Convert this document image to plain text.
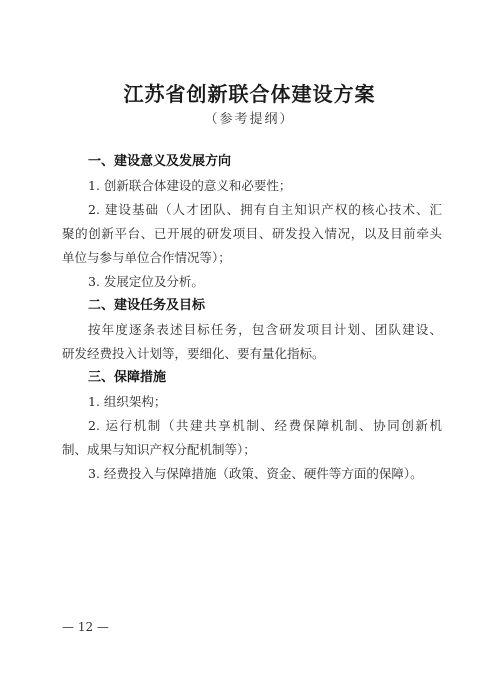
江苏省创新联合体建设方案
（参考提纲）
一、建设意义及发展方向
1. 创新联合体建设的意义和必要性；
2. 建设基础（人才团队、拥有自主知识产权的核心技术、汇
聚的创新平台、已开展的研发项目、研发投入情况，以及目前牵头
单位与参与单位合作情况等）；
3. 发展定位及分析。
二、建设任务及目标
按年度逐条表述目标任务，包含研发项目计划、团队建设、
研发经费投入计划等，要细化、要有量化指标。
三、保障措施
1. 组织架构；
2. 运行机制（共建共享机制、经费保障机制、协同创新机
制、成果与知识产权分配机制等）；
3. 经费投入与保障措施（政策、资金、硬件等方面的保障）。
— 12 —
